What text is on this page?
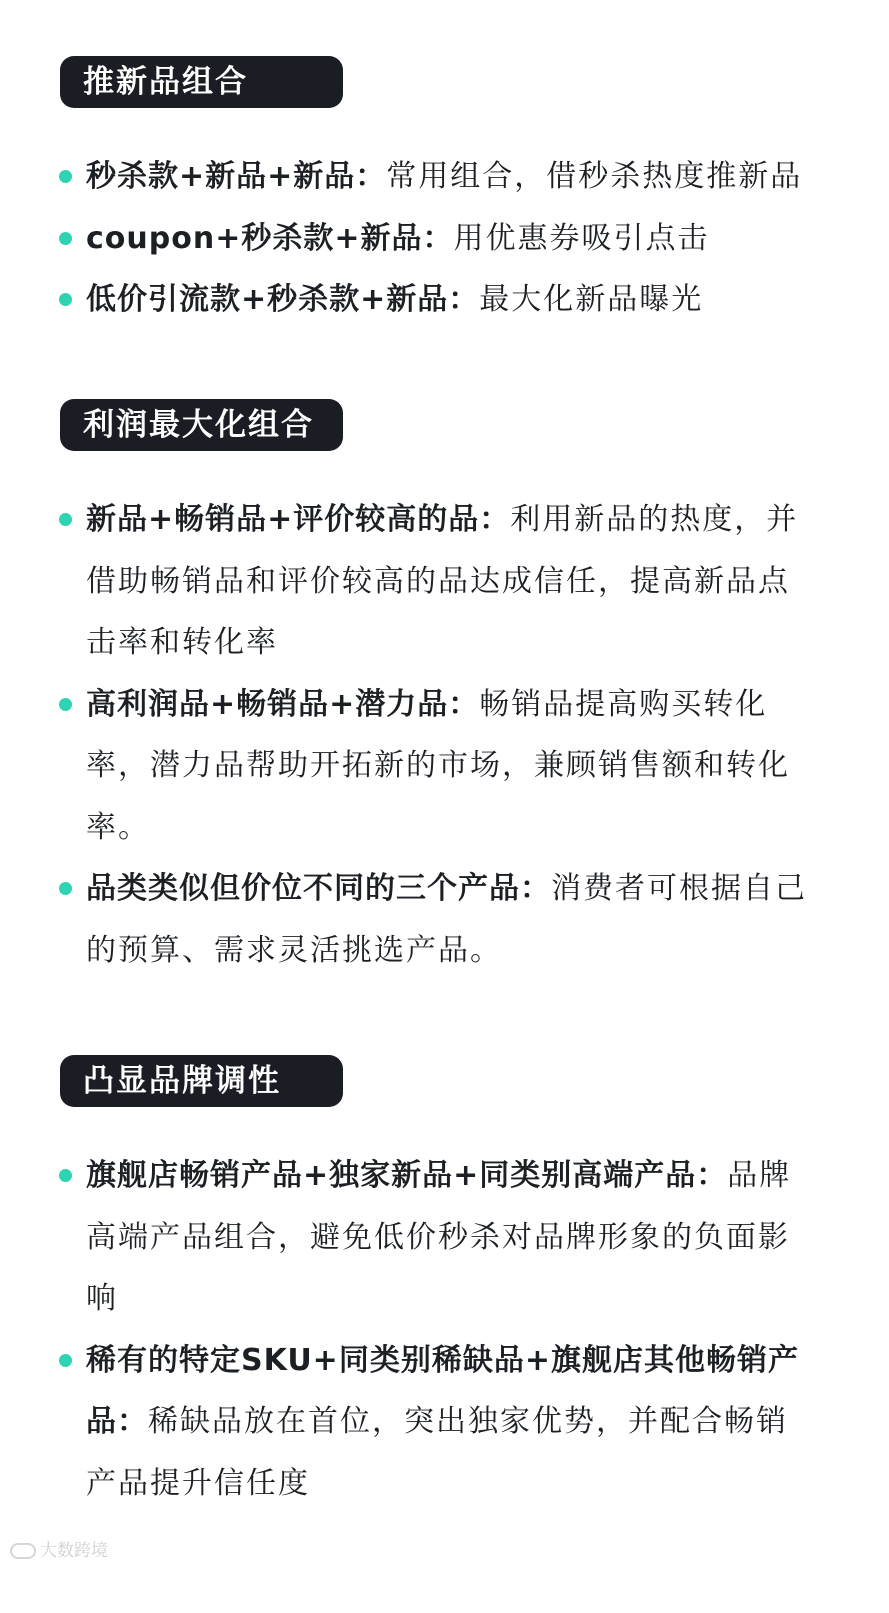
推新品组合
秒杀款+新品+新品：常用组合，借秒杀热度推新品
coupon+秒杀款+新品：用优惠券吸引点击
低价引流款+秒杀款+新品：最大化新品曝光
利润最大化组合
新品+畅销品+评价较高的品：利用新品的热度，并借助畅销品和评价较高的品达成信任，提高新品点击率和转化率
高利润品+畅销品+潜力品：畅销品提高购买转化率，潜力品帮助开拓新的市场，兼顾销售额和转化率。
品类类似但价位不同的三个产品：消费者可根据自己的预算、需求灵活挑选产品。
凸显品牌调性
旗舰店畅销产品+独家新品+同类别高端产品：品牌高端产品组合，避免低价秒杀对品牌形象的负面影响
稀有的特定SKU+同类别稀缺品+旗舰店其他畅销产品：稀缺品放在首位，突出独家优势，并配合畅销产品提升信任度
大数跨境
